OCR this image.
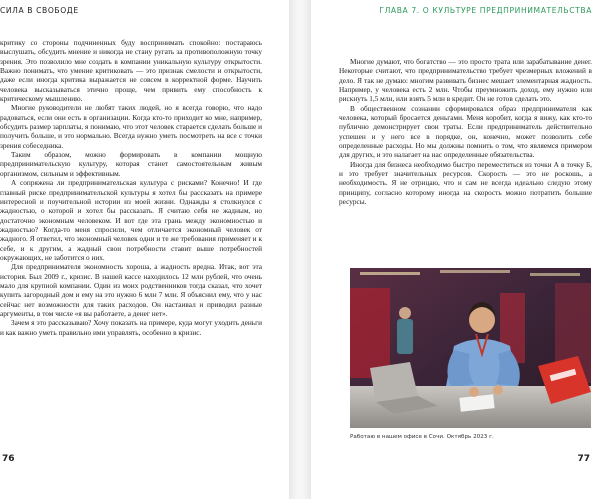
СИЛА В СВОБОДЕ

критику со стороны подчиненных буду воспринимать спокойно: постараюсь выслушать, обсудить мнение и никогда не стану ругать за противоположную точку зрения. Это позволило мне создать в компании уникальную культуру открытости. Важно понимать, что умение критиковать — это признак смелости и открытости, даже если иногда критика выражается не совсем в корректной форме. Научить человека высказываться этично проще, чем привить ему способность к критическому мышлению.

Многие руководители не любят таких людей, но я всегда говорю, что надо радоваться, если они есть в организации. Когда кто-то приходит ко мне, например, обсудить размер зарплаты, я понимаю, что этот человек старается сделать больше и получить больше, и это нормально. Всегда нужно уметь посмотреть на все с точки зрения собеседника.

Таким образом, можно формировать в компании мощную предпринимательскую культуру, которая станет самостоятельным живым организмом, сильным и эффективным.

А сопряжена ли предпринимательская культура с рисками? Конечно! И где главный риске предпринимательской культуры я хотел бы рассказать на примере интересной и поучительной истории из моей жизни. Однажды я столкнулся с жадностью, о которой и хотел бы рассказать. Я считаю себя не жадным, но достаточно экономным человеком. И вот где эта грань между экономностью и жадностью? Когда-то меня спросили, чем отличается экономный человек от жадного. Я ответил, что экономный человек одни и те же требования применяет и к себе, и к другим, а жадный свои потребности ставит выше потребностей окружающих, не заботится о них.

Для предпринимателя экономность хороша, а жадность вредна. Итак, вот эта история. Был 2009 г., кризис. В нашей кассе находилось 12 млн рублей, что очень мало для крупной компании. Один из моих родственников тогда сказал, что хочет купить загородный дом и ему на это нужно 6 млн 7 млн. Я объяснил ему, что у нас сейчас нет возможности для таких расходов. Он настаивал и приводил разные аргументы, в том числе «я вы работаете, а денег нет».

Зачем я это рассказываю? Хочу показать на примере, куда могут уходить деньги и как важно уметь правильно ими управлять, особенно в кризис.

76
ГЛАВА 7. О КУЛЬТУРЕ ПРЕДПРИНИМАТЕЛЬСТВА

Многие думают, что богатство — это просто трата или зарабатывание денег. Некоторые считают, что предпринимательство требует чрезмерных вложений в дело. Я так не думаю: многим развивать бизнес мешает элементарная жадность. Например, у человека есть 2 млн. Чтобы преумножить доход, ему нужно или рискнуть 1,5 млн, или взять 5 млн в кредит. Он не готов сделать это.

В общественном сознании сформировался образ предпринимателя как человека, который бросается деньгами. Меня коробит, когда я вижу, как кто-то публично демонстрирует свои траты. Если предприниматель действительно успешен и у него все в порядке, он, конечно, может позволить себе определенные расходы. Но мы должны помнить о том, что являемся примером для других, и это налагает на нас определенные обязательства.

Иногда для бизнеса необходимо быстро переместиться из точки А в точку Б, и это требует значительных ресурсов. Скорость — это не роскошь, а необходимость. Я не отрицаю, что и сам не всегда идеально следую этому принципу, согласно которому иногда на скорость можно потратить большие ресурсы.

Работаю в нашем офисе в Сочи. Октябрь 2023 г.
77
